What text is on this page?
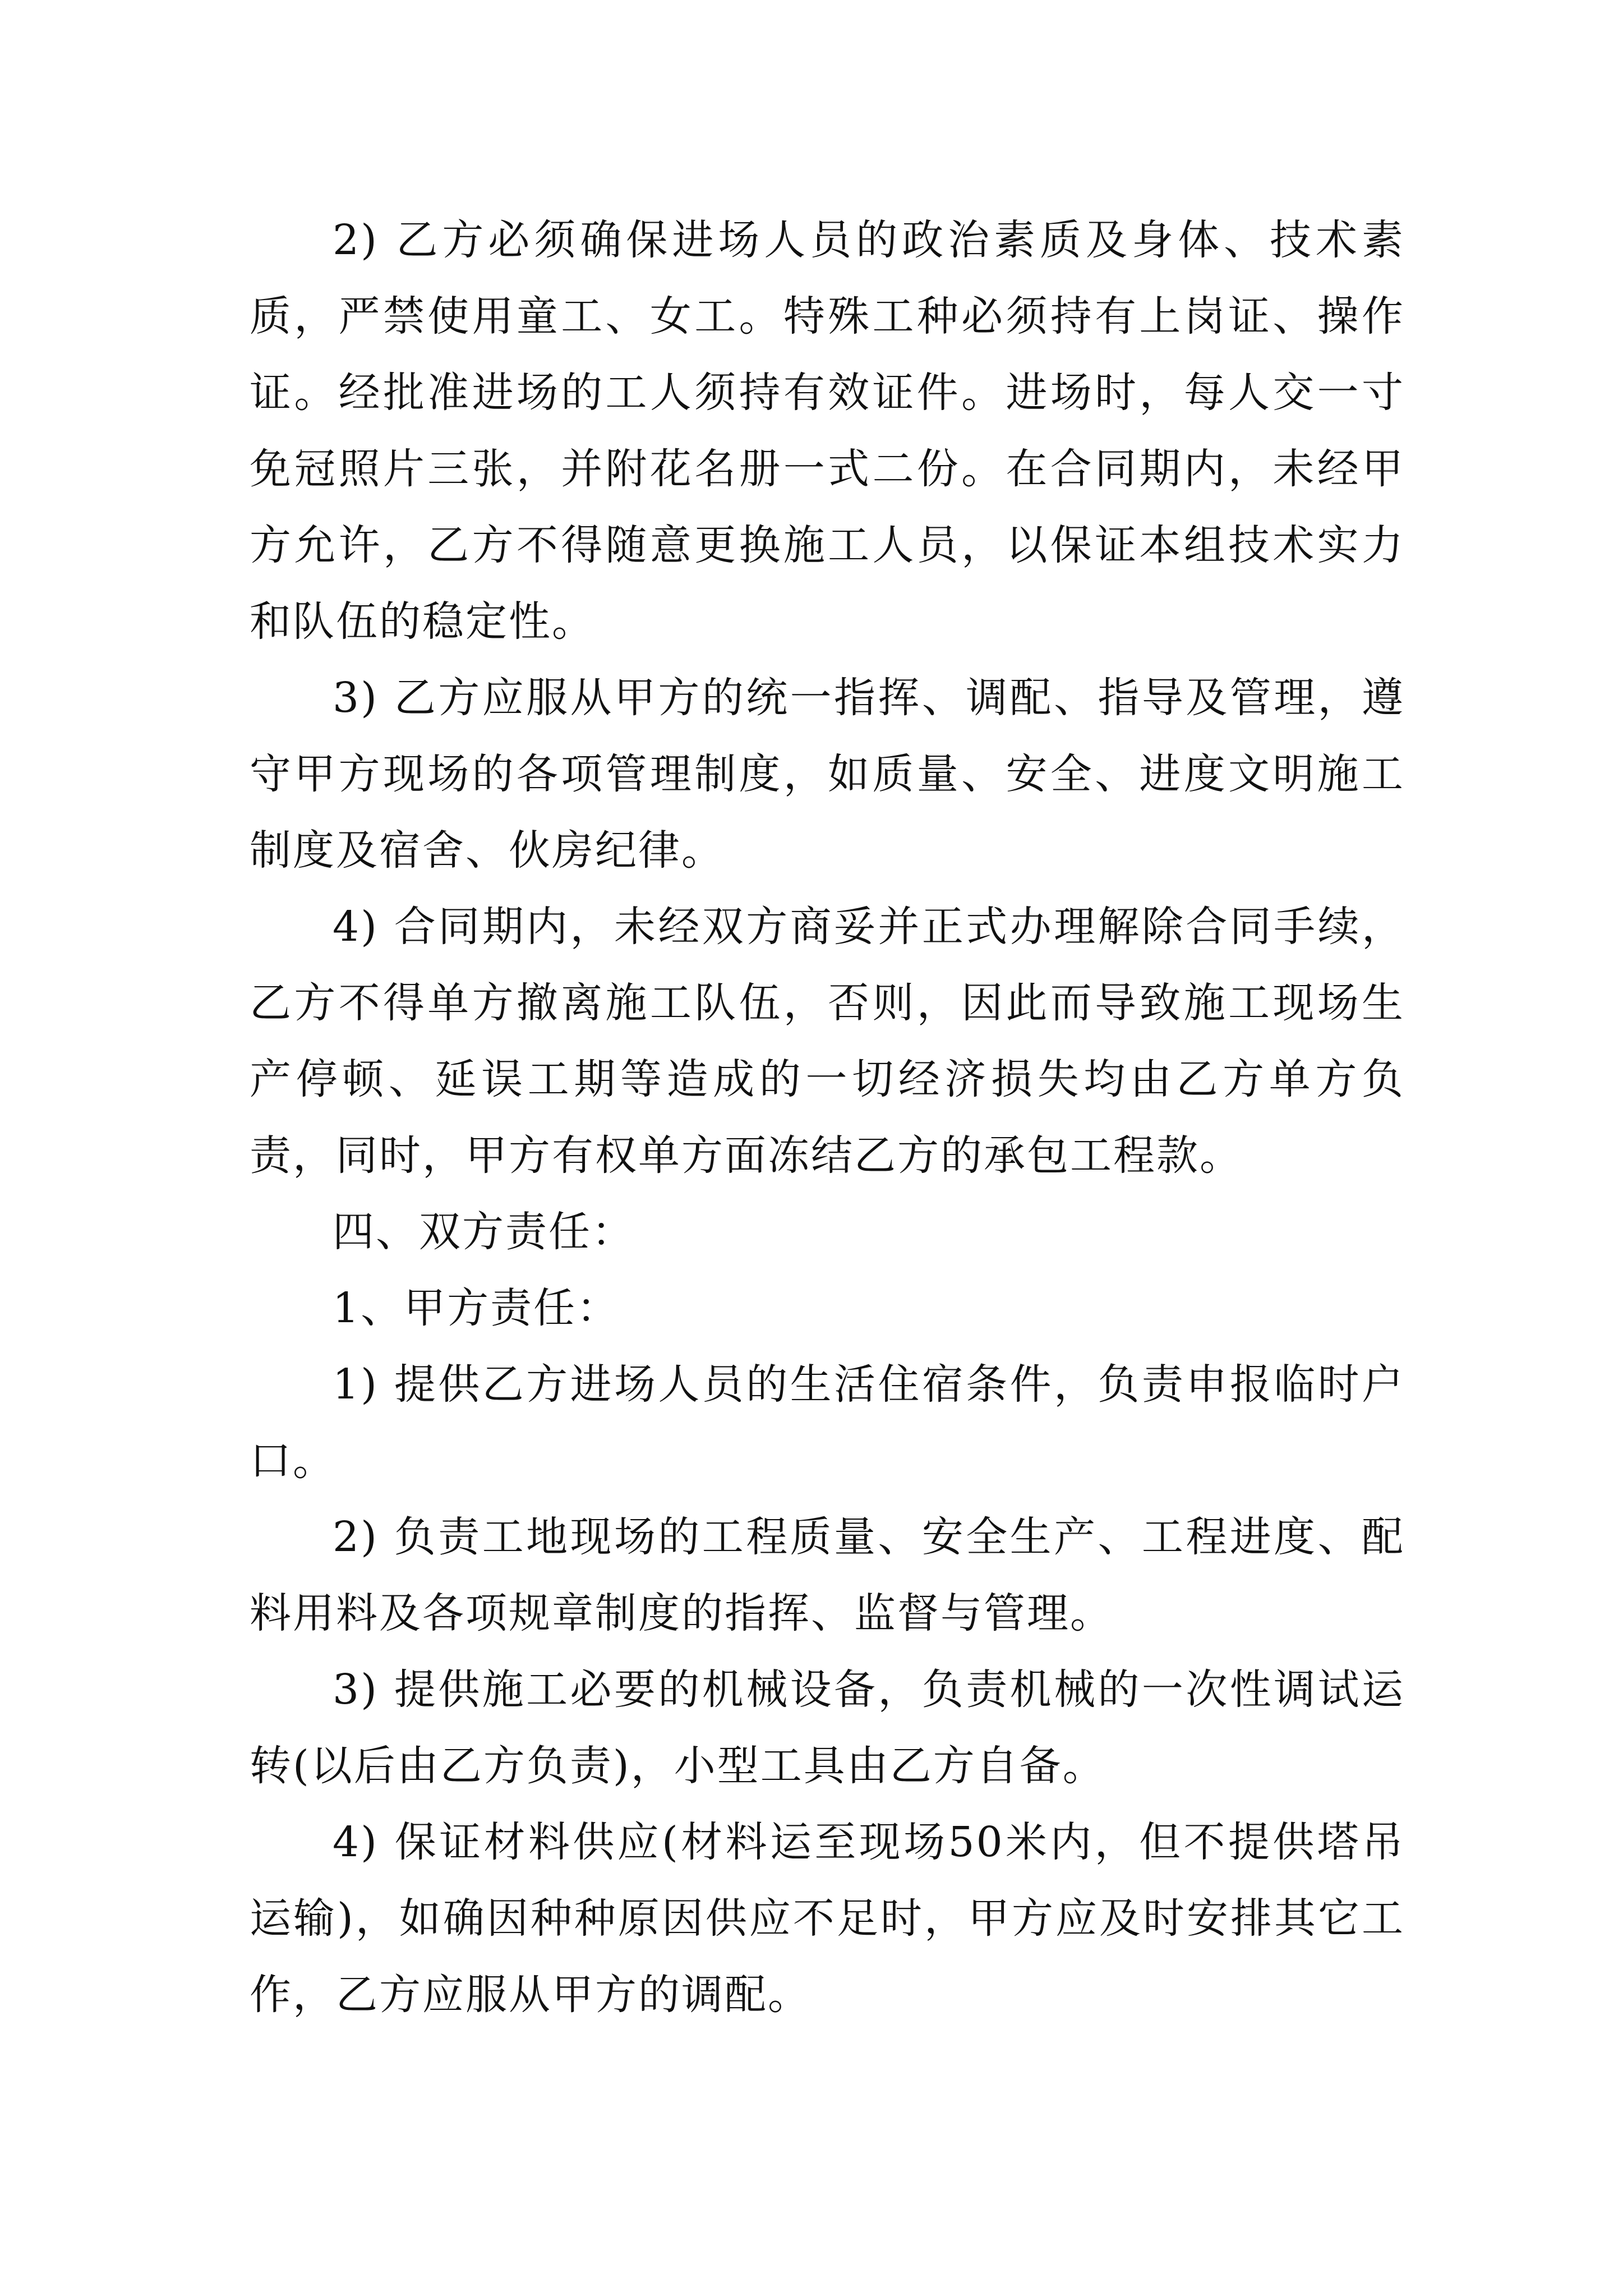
2) 乙方必须确保进场人员的政治素质及身体、技术素质，严禁使用童工、女工。特殊工种必须持有上岗证、操作证。经批准进场的工人须持有效证件。进场时，每人交一寸免冠照片三张，并附花名册一式二份。在合同期内，未经甲方允许，乙方不得随意更换施工人员，以保证本组技术实力和队伍的稳定性。

3) 乙方应服从甲方的统一指挥、调配、指导及管理，遵守甲方现场的各项管理制度，如质量、安全、进度文明施工制度及宿舍、伙房纪律。

4) 合同期内，未经双方商妥并正式办理解除合同手续，乙方不得单方撤离施工队伍，否则，因此而导致施工现场生产停顿、延误工期等造成的一切经济损失均由乙方单方负责，同时，甲方有权单方面冻结乙方的承包工程款。

四、双方责任：

1、甲方责任：

1) 提供乙方进场人员的生活住宿条件，负责申报临时户口。

2) 负责工地现场的工程质量、安全生产、工程进度、配料用料及各项规章制度的指挥、监督与管理。

3) 提供施工必要的机械设备，负责机械的一次性调试运转(以后由乙方负责)，小型工具由乙方自备。

4) 保证材料供应(材料运至现场50米内，但不提供塔吊运输)，如确因种种原因供应不足时，甲方应及时安排其它工作，乙方应服从甲方的调配。
